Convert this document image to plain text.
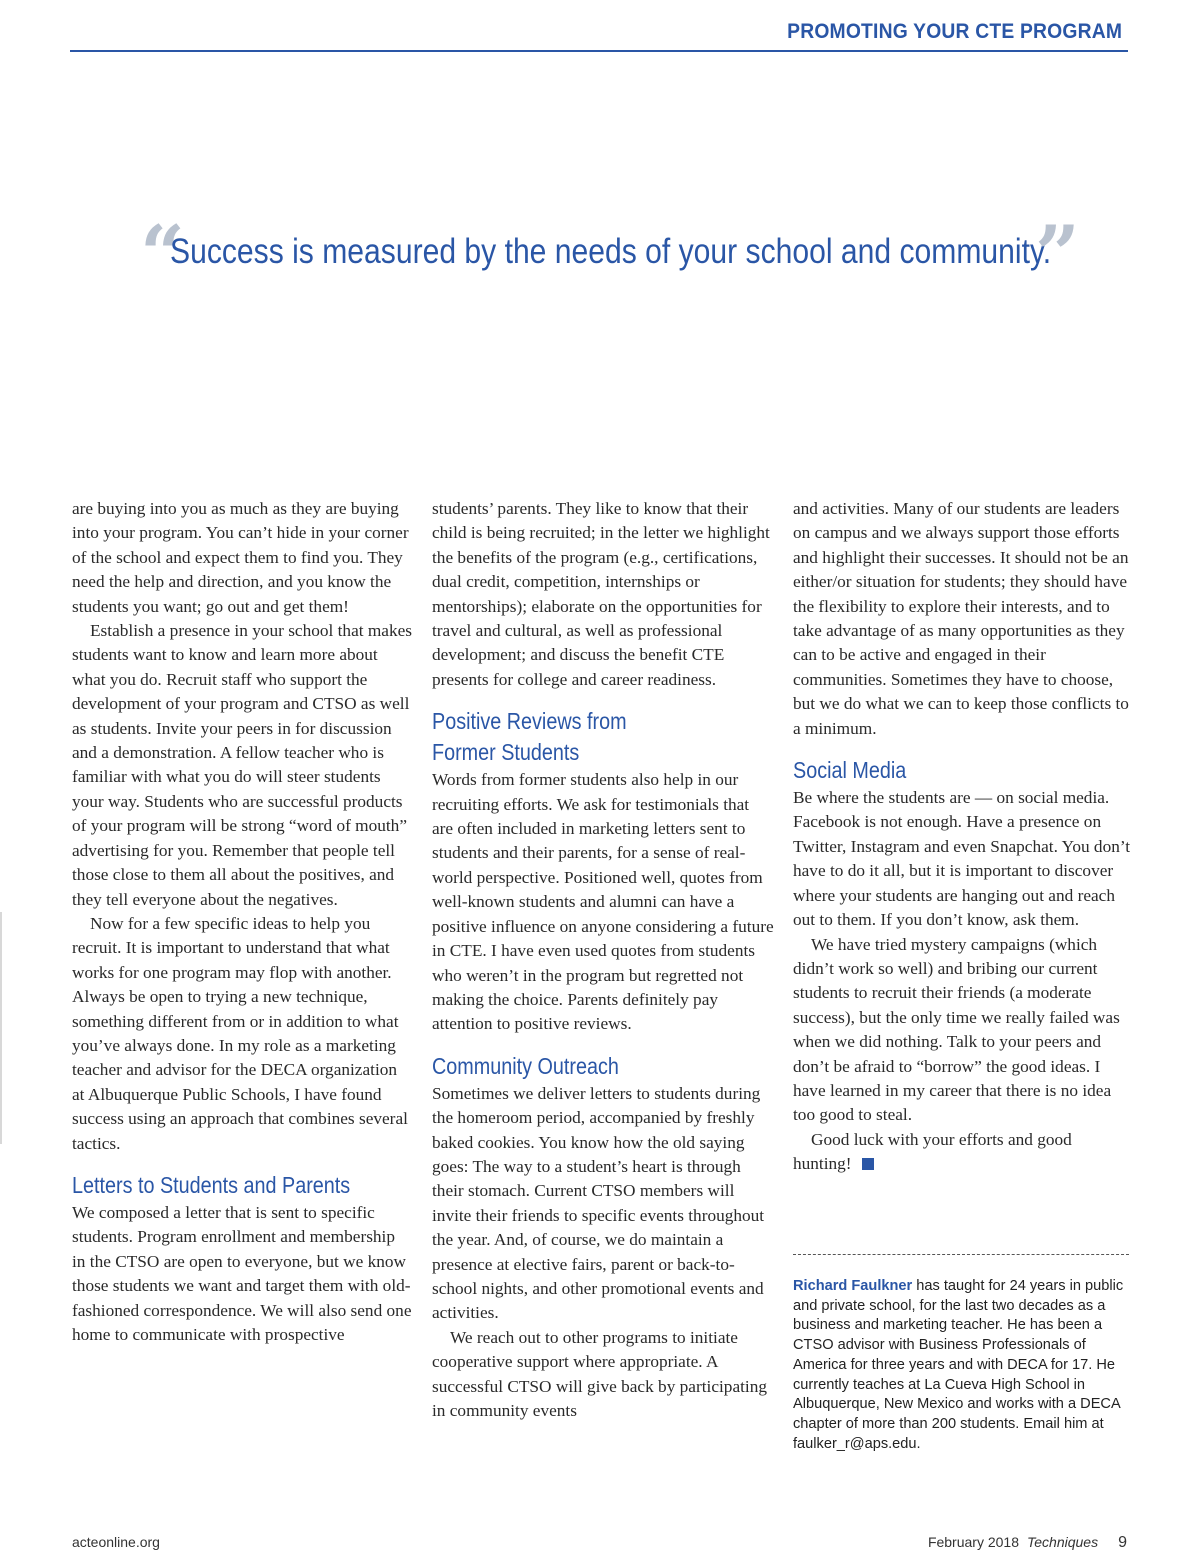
PROMOTING YOUR CTE PROGRAM
“
Success is measured by the needs of your school and community.
”

are buying into you as much as they are buying into your program. You can’t hide in your corner of the school and expect them to find you. They need the help and direction, and you know the students you want; go out and get them!

Establish a presence in your school that makes students want to know and learn more about what you do. Recruit staff who support the development of your program and CTSO as well as students. Invite your peers in for discussion and a demonstration. A fellow teacher who is familiar with what you do will steer students your way. Students who are successful products of your program will be strong “word of mouth” advertising for you. Remember that people tell those close to them all about the positives, and they tell everyone about the negatives.

Now for a few specific ideas to help you recruit. It is important to understand that what works for one program may flop with another. Always be open to trying a new technique, something different from or in addition to what you’ve always done. In my role as a marketing teacher and advisor for the DECA organization at Albuquerque Public Schools, I have found success using an approach that combines several tactics.

Letters to Students and Parents

We composed a letter that is sent to specific students. Program enrollment and membership in the CTSO are open to everyone, but we know those students we want and target them with old-fashioned correspondence. We will also send one home to communicate with prospective

students’ parents. They like to know that their child is being recruited; in the letter we highlight the benefits of the program (e.g., certifications, dual credit, competition, internships or mentorships); elaborate on the opportunities for travel and cultural, as well as professional development; and discuss the benefit CTE presents for college and career readiness.

Positive Reviews from
Former Students

Words from former students also help in our recruiting efforts. We ask for testimonials that are often included in marketing letters sent to students and their parents, for a sense of real-world perspective. Positioned well, quotes from well-known students and alumni can have a positive influence on anyone considering a future in CTE. I have even used quotes from students who weren’t in the program but regretted not making the choice. Parents definitely pay attention to positive reviews.

Community Outreach

Sometimes we deliver letters to students during the homeroom period, accompanied by freshly baked cookies. You know how the old saying goes: The way to a student’s heart is through their stomach. Current CTSO members will invite their friends to specific events throughout the year. And, of course, we do maintain a presence at elective fairs, parent or back-to-school nights, and other promotional events and activities.

We reach out to other programs to initiate cooperative support where appropriate. A successful CTSO will give back by participating in community events

and activities. Many of our students are leaders on campus and we always support those efforts and highlight their successes. It should not be an either/or situation for students; they should have the flexibility to explore their interests, and to take advantage of as many opportunities as they can to be active and engaged in their communities. Sometimes they have to choose, but we do what we can to keep those conflicts to a minimum.

Social Media

Be where the students are — on social media. Facebook is not enough. Have a presence on Twitter, Instagram and even Snapchat. You don’t have to do it all, but it is important to discover where your students are hanging out and reach out to them. If you don’t know, ask them.

We have tried mystery campaigns (which didn’t work so well) and bribing our current students to recruit their friends (a moderate success), but the only time we really failed was when we did nothing. Talk to your peers and don’t be afraid to “borrow” the good ideas. I have learned in my career that there is no idea too good to steal.

Good luck with your efforts and good hunting!

Richard Faulkner has taught for 24 years in public and private school, for the last two decades as a business and marketing teacher. He has been a CTSO advisor with Business Professionals of America for three years and with DECA for 17. He currently teaches at La Cueva High School in Albuquerque, New Mexico and works with a DECA chapter of more than 200 students. Email him at faulker_r@aps.edu.
acteonline.org	February 2018 Techniques 9
